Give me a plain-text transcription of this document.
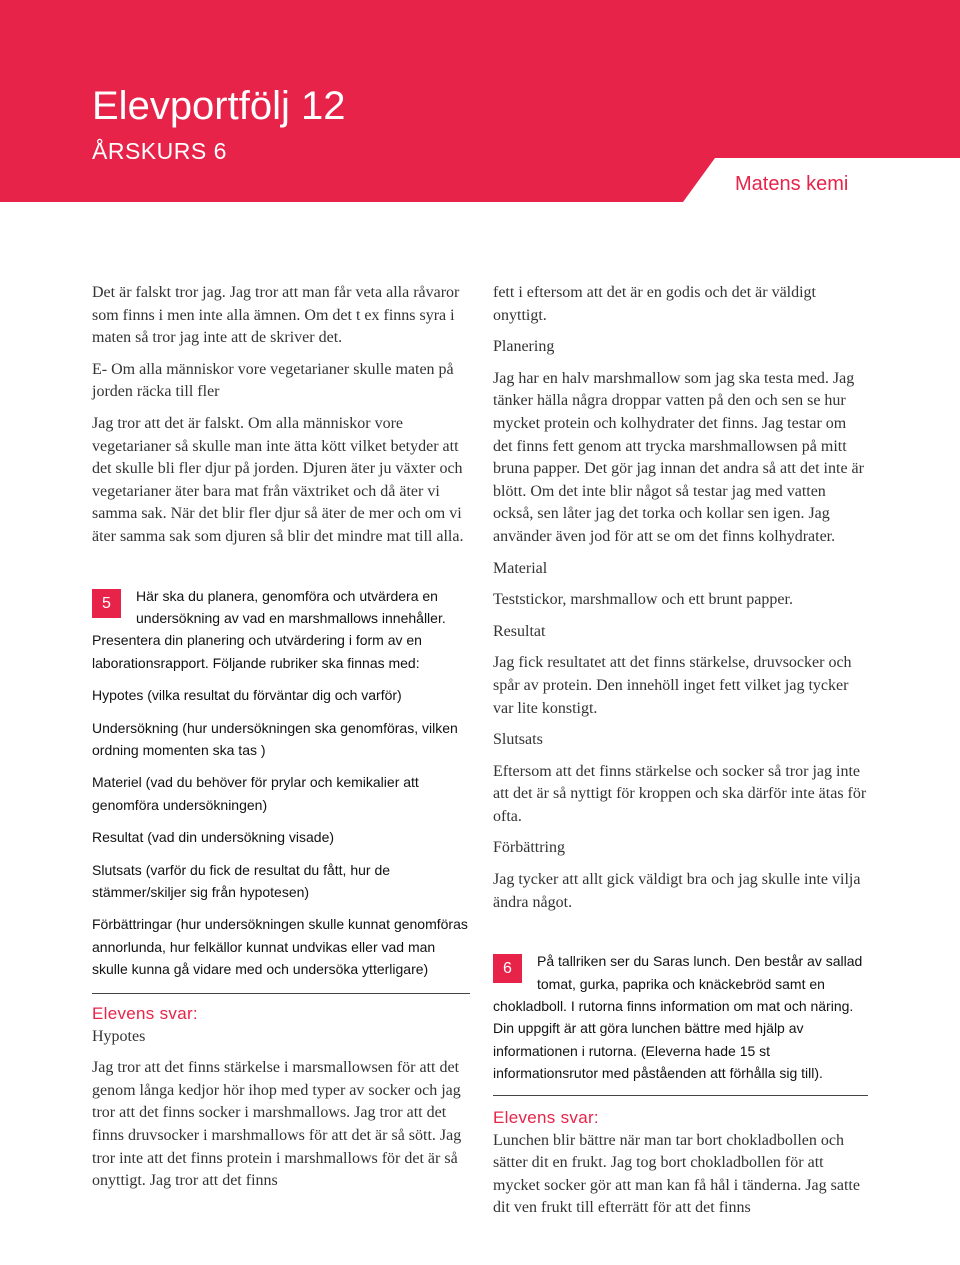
Elevportfölj 12
ÅRSKURS 6
Matens kemi

Det är falskt tror jag. Jag tror att man får veta alla råvaror som finns i men inte alla ämnen. Om det t ex finns syra i maten så tror jag inte att de skriver det.

E- Om alla människor vore vegetarianer skulle maten på jorden räcka till fler

Jag tror att det är falskt. Om alla människor vore vegetarianer så skulle man inte ätta kött vilket betyder att det skulle bli fler djur på jorden. Djuren äter ju växter och vegetarianer äter bara mat från växtriket och då äter vi samma sak. När det blir fler djur så äter de mer och om vi äter samma sak som djuren så blir det mindre mat till alla.

5	Här ska du planera, genomföra och utvärdera en undersökning av vad en marshmallows innehåller. Presentera din planering och utvärdering i form av en laborationsrapport. Följande rubriker ska finnas med:

Hypotes (vilka resultat du förväntar dig och varför)

Undersökning (hur undersökningen ska genomföras, vilken ordning momenten ska tas )

Materiel (vad du behöver för prylar och kemikalier att genomföra undersökningen)

Resultat (vad din undersökning visade)

Slutsats (varför du fick de resultat du fått, hur de stämmer/skiljer sig från hypotesen)

Förbättringar (hur undersökningen skulle kunnat genomföras annorlunda, hur felkällor kunnat undvikas eller vad man skulle kunna gå vidare med och undersöka ytterligare)

Elevens svar:

Hypotes

Jag tror att det finns stärkelse i marsmallowsen för att det genom långa kedjor hör ihop med typer av socker och jag tror att det finns socker i marshmallows. Jag tror att det finns druvsocker i marshmallows för att det är så sött. Jag tror inte att det finns protein i marshmallows för det är så onyttigt. Jag tror att det finns

fett i eftersom att det är en godis och det är väldigt onyttigt.

Planering

Jag har en halv marshmallow som jag ska testa med. Jag tänker hälla några droppar vatten på den och sen se hur mycket protein och kolhydrater det finns. Jag testar om det finns fett genom att trycka marshmallowsen på mitt bruna papper. Det gör jag innan det andra så att det inte är blött. Om det inte blir något så testar jag med vatten också, sen låter jag det torka och kollar sen igen. Jag använder även jod för att se om det finns kolhydrater.

Material

Teststickor, marshmallow och ett brunt papper.

Resultat

Jag fick resultatet att det finns stärkelse, druvsocker och spår av protein. Den innehöll inget fett vilket jag tycker var lite konstigt.

Slutsats

Eftersom att det finns stärkelse och socker så tror jag inte att det är så nyttigt för kroppen och ska därför inte ätas för ofta.

Förbättring

Jag tycker att allt gick väldigt bra och jag skulle inte vilja ändra något.

6	På tallriken ser du Saras lunch. Den består av sallad tomat, gurka, paprika och knäckebröd samt en chokladboll. I rutorna finns information om mat och näring. Din uppgift är att göra lunchen bättre med hjälp av informationen i rutorna. (Eleverna hade 15 st informationsrutor med påståenden att förhålla sig till).

Elevens svar:

Lunchen blir bättre när man tar bort chokladbollen och sätter dit en frukt. Jag tog bort chokladbollen för att mycket socker gör att man kan få hål i tänderna. Jag satte dit ven frukt till efterrätt för att det finns
